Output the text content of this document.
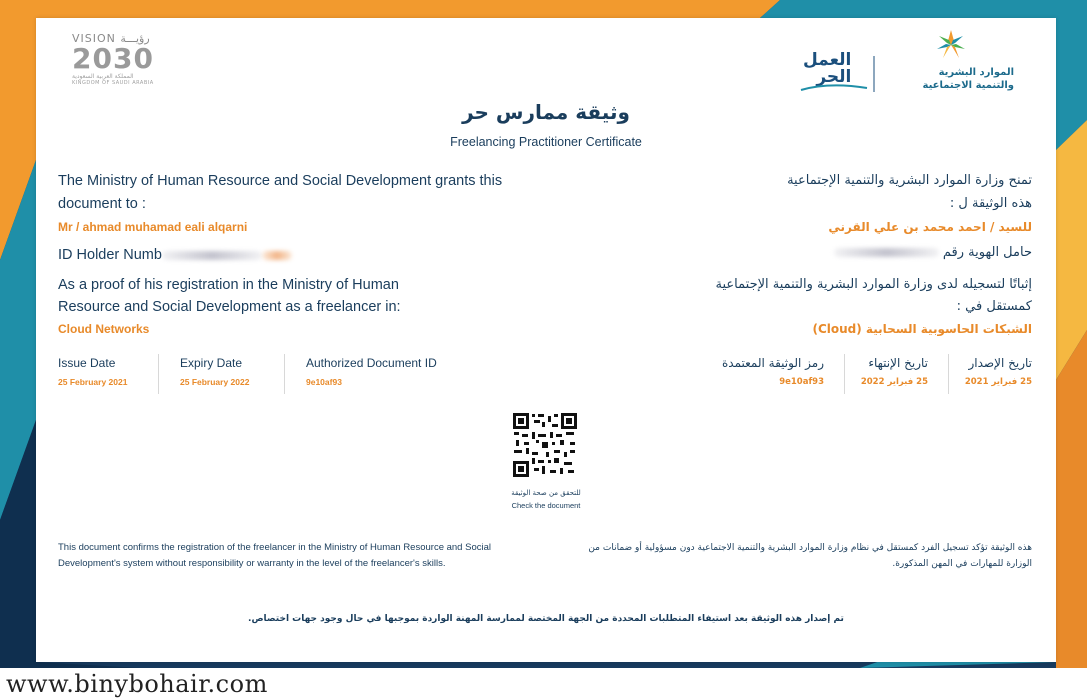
VISION رؤيـــة
2030
المملكة العربية السعودية
KINGDOM OF SAUDI ARABIA
الموارد البشرية
والتنمية الاجتماعية
العمل
الحر
وثيقة ممارس حر
Freelancing Practitioner Certificate
The Ministry of Human Resource and Social Development grants this
document to :
Mr / ahmad muhamad eali alqarni
ID Holder Numb
As a proof of his registration in the Ministry of Human
Resource and Social Development as a freelancer in:
Cloud Networks
تمنح وزارة الموارد البشرية والتنمية الإجتماعية
هذه الوثيقة ل :
للسيد / احمد محمد بن علي القرني
حامل الهوية رقم
إثباتًا لتسجيله لدى وزارة الموارد البشرية والتنمية الإجتماعية
كمستقل في :
الشبكات الحاسوبية السحابية (Cloud)
Issue Date
25 February 2021
Expiry Date
25 February 2022
Authorized Document ID
9e10af93
تاريخ الإصدار
25 فبراير 2021
تاريخ الإنتهاء
25 فبراير 2022
رمز الوثيقة المعتمدة
9e10af93
للتحقق من صحة الوثيقة
Check the document
This document confirms the registration of the freelancer in the Ministry of Human Resource and Social Development's system without responsibility or warranty in the level of the freelancer's skills.
هذه الوثيقة تؤكد تسجيل الفرد كمستقل في نظام وزارة الموارد البشرية والتنمية الاجتماعية دون مسؤولية أو ضمانات من الوزارة للمهارات في المهن المذكورة.
تم إصدار هذه الوثيقة بعد استيفاء المتطلبات المحددة من الجهة المختصة لممارسة المهنة الواردة بموجبها في حال وجود جهات اختصاص.
www.binybohair.com
